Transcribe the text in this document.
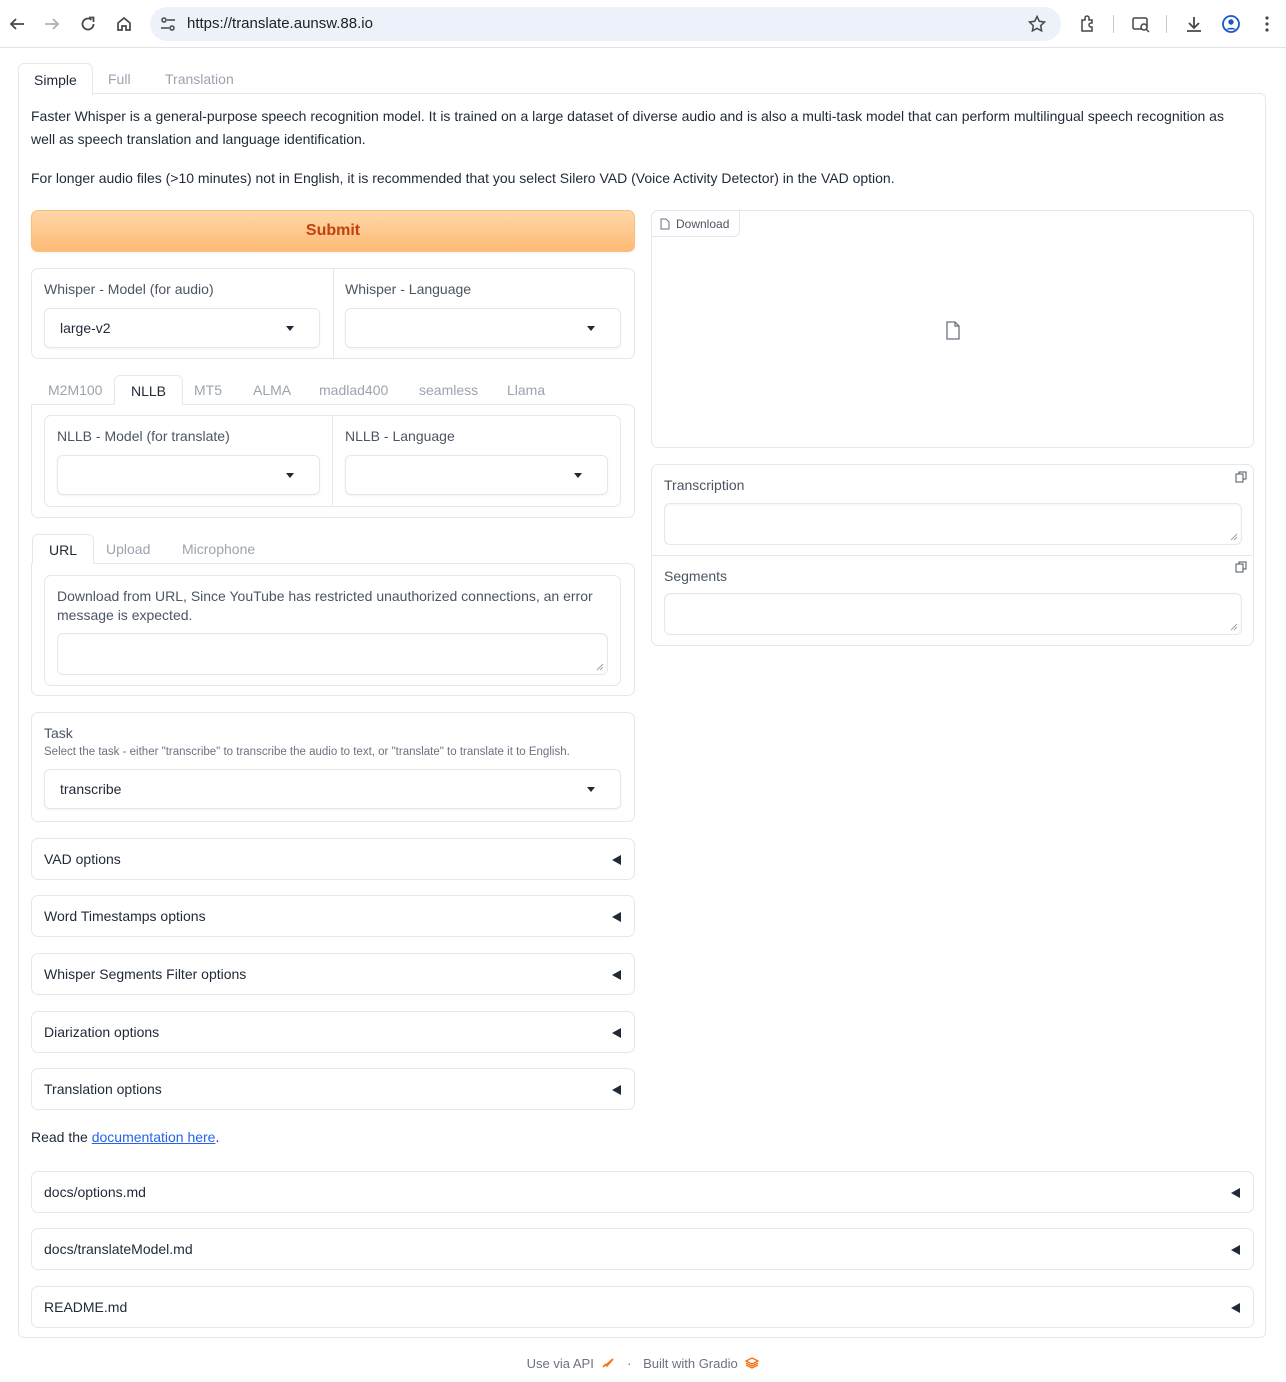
https://translate.aunsw.88.io
Simple	Full	Translation

Faster Whisper is a general-purpose speech recognition model. It is trained on a large dataset of diverse audio and is also a multi-task model that can perform multilingual speech recognition as well as speech translation and language identification.

For longer audio files (>10 minutes) not in English, it is recommended that you select Silero VAD (Voice Activity Detector) in the VAD option.

Submit
Whisper - Model (for audio)
large-v2
Whisper - Language
M2M100	NLLB	MT5	ALMA	madlad400	seamless	Llama
NLLB - Model (for translate)	NLLB - Language
URL	Upload	Microphone
Download from URL, Since YouTube has restricted unauthorized connections, an error message is expected.
Task
Select the task - either "transcribe" to transcribe the audio to text, or "translate" to translate it to English.
transcribe
VAD options
Word Timestamps options
Whisper Segments Filter options
Diarization options
Translation options

Read the documentation here.

Download
Transcription
Segments
docs/options.md
docs/translateModel.md
README.md
Use via API	· Built with Gradio
